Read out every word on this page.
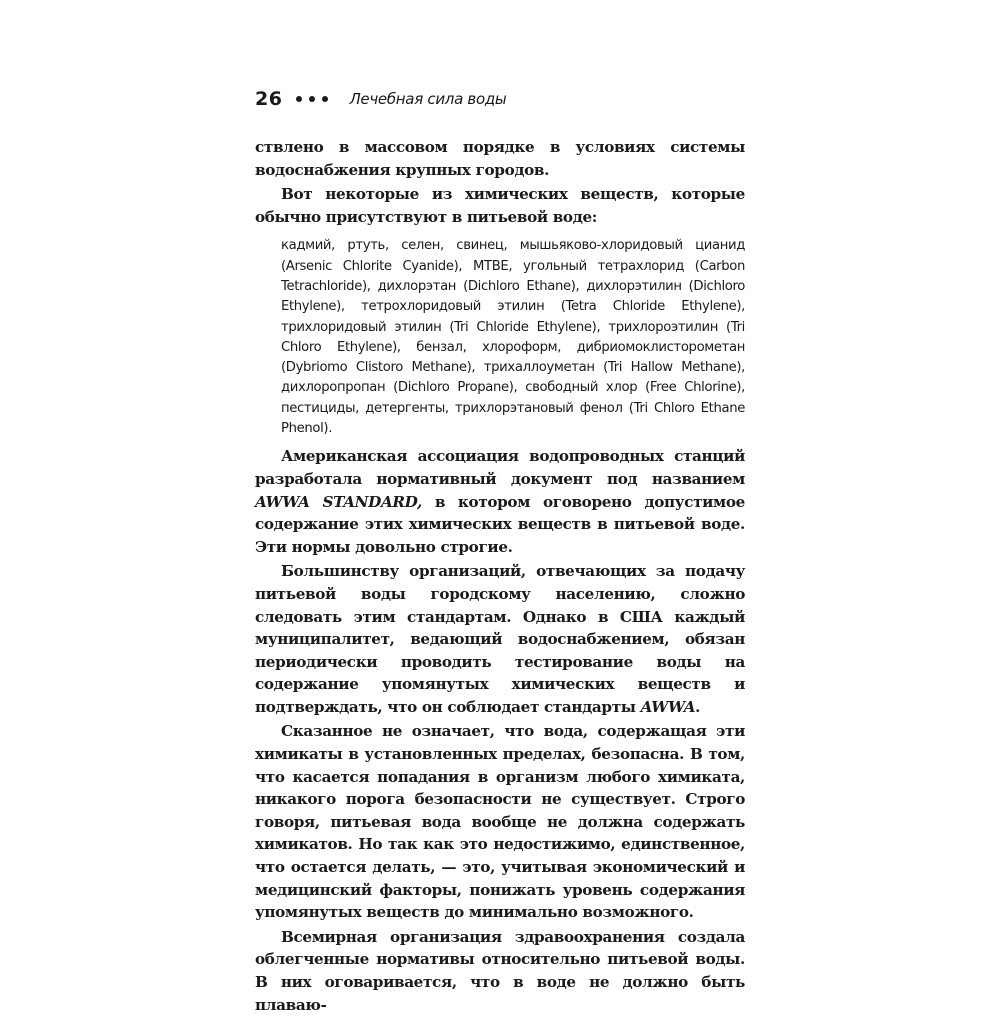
26	Лечебная сила воды

ствлено в массовом порядке в условиях системы водоснабжения крупных городов.

Вот некоторые из химических веществ, которые обычно присутствуют в питьевой воде:

кадмий, ртуть, селен, свинец, мышьяково-хлоридовый цианид (Arsenic Chlorite Cyanide), MTBE, угольный тетрахлорид (Carbon Tetrachloride), дихлорэтан (Dichloro Ethane), дихлорэтилин (Dichloro Ethylene), тетрохлоридовый этилин (Tetra Chloride Ethylene), трихлоридовый этилин (Tri Chloride Ethylene), трихлороэтилин (Tri Chloro Ethylene), бензал, хлороформ, дибриомоклисторометан (Dybriomo Clistoro Methane), трихаллоуметан (Tri Hallow Methane), дихлоропропан (Dichloro Propane), свободный хлор (Free Chlorine), пестициды, детергенты, трихлорэтановый фенол (Tri Chloro Ethane Phenol).

Американская ассоциация водопроводных станций разработала нормативный документ под названием AWWA STANDARD, в котором оговорено допустимое содержание этих химических веществ в питьевой воде. Эти нормы довольно строгие.

Большинству организаций, отвечающих за подачу питьевой воды городскому населению, сложно следовать этим стандартам. Однако в США каждый муниципалитет, ведающий водоснабжением, обязан периодически проводить тестирование воды на содержание упомянутых химических веществ и подтверждать, что он соблюдает стандарты AWWA.

Сказанное не означает, что вода, содержащая эти химикаты в установленных пределах, безопасна. В том, что касается попадания в организм любого химиката, никакого порога безопасности не существует. Строго говоря, питьевая вода вообще не должна содержать химикатов. Но так как это недостижимо, единственное, что остается делать, — это, учитывая экономический и медицинский факторы, понижать уровень содержания упомянутых веществ до минимально возможного.

Всемирная организация здравоохранения создала облегченные нормативы относительно питьевой воды. В них оговаривается, что в воде не должно быть плаваю-
